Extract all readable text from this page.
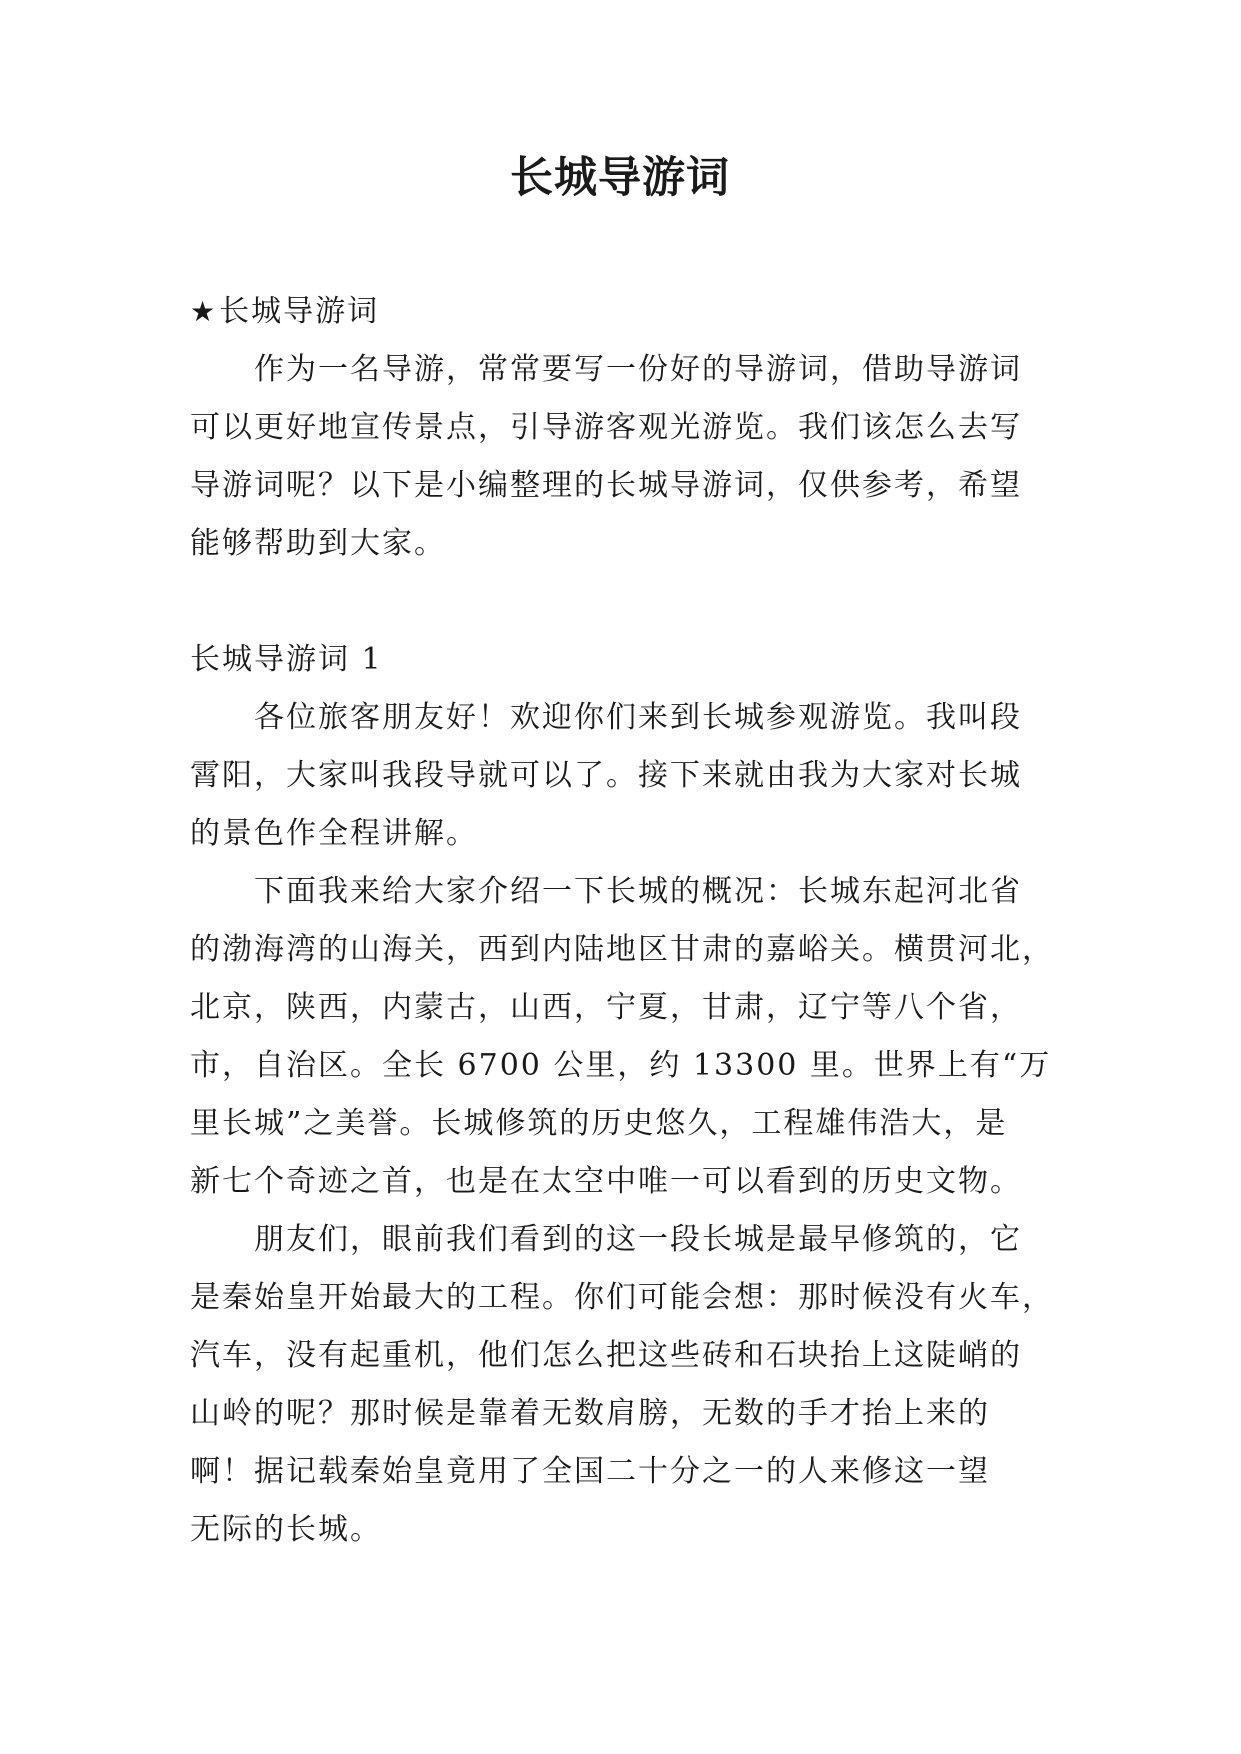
长城导游词
★ 长城导游词
作为一名导游，常常要写一份好的导游词，借助导游词
可以更好地宣传景点，引导游客观光游览。我们该怎么去写
导游词呢？以下是小编整理的长城导游词，仅供参考，希望
能够帮助到大家。
长城导游词 1
各位旅客朋友好！欢迎你们来到长城参观游览。我叫段
霄阳，大家叫我段导就可以了。接下来就由我为大家对长城
的景色作全程讲解。
下面我来给大家介绍一下长城的概况：长城东起河北省
的渤海湾的山海关，西到内陆地区甘肃的嘉峪关。横贯河北，
北京，陕西，内蒙古，山西，宁夏，甘肃，辽宁等八个省，
市，自治区。全长 6700 公里，约 13300 里。世界上有“万
里长城”之美誉。长城修筑的历史悠久，工程雄伟浩大，是
新七个奇迹之首，也是在太空中唯一可以看到的历史文物。
朋友们，眼前我们看到的这一段长城是最早修筑的，它
是秦始皇开始最大的工程。你们可能会想：那时候没有火车，
汽车，没有起重机，他们怎么把这些砖和石块抬上这陡峭的
山岭的呢？那时候是靠着无数肩膀，无数的手才抬上来的
啊！据记载秦始皇竟用了全国二十分之一的人来修这一望
无际的长城。
